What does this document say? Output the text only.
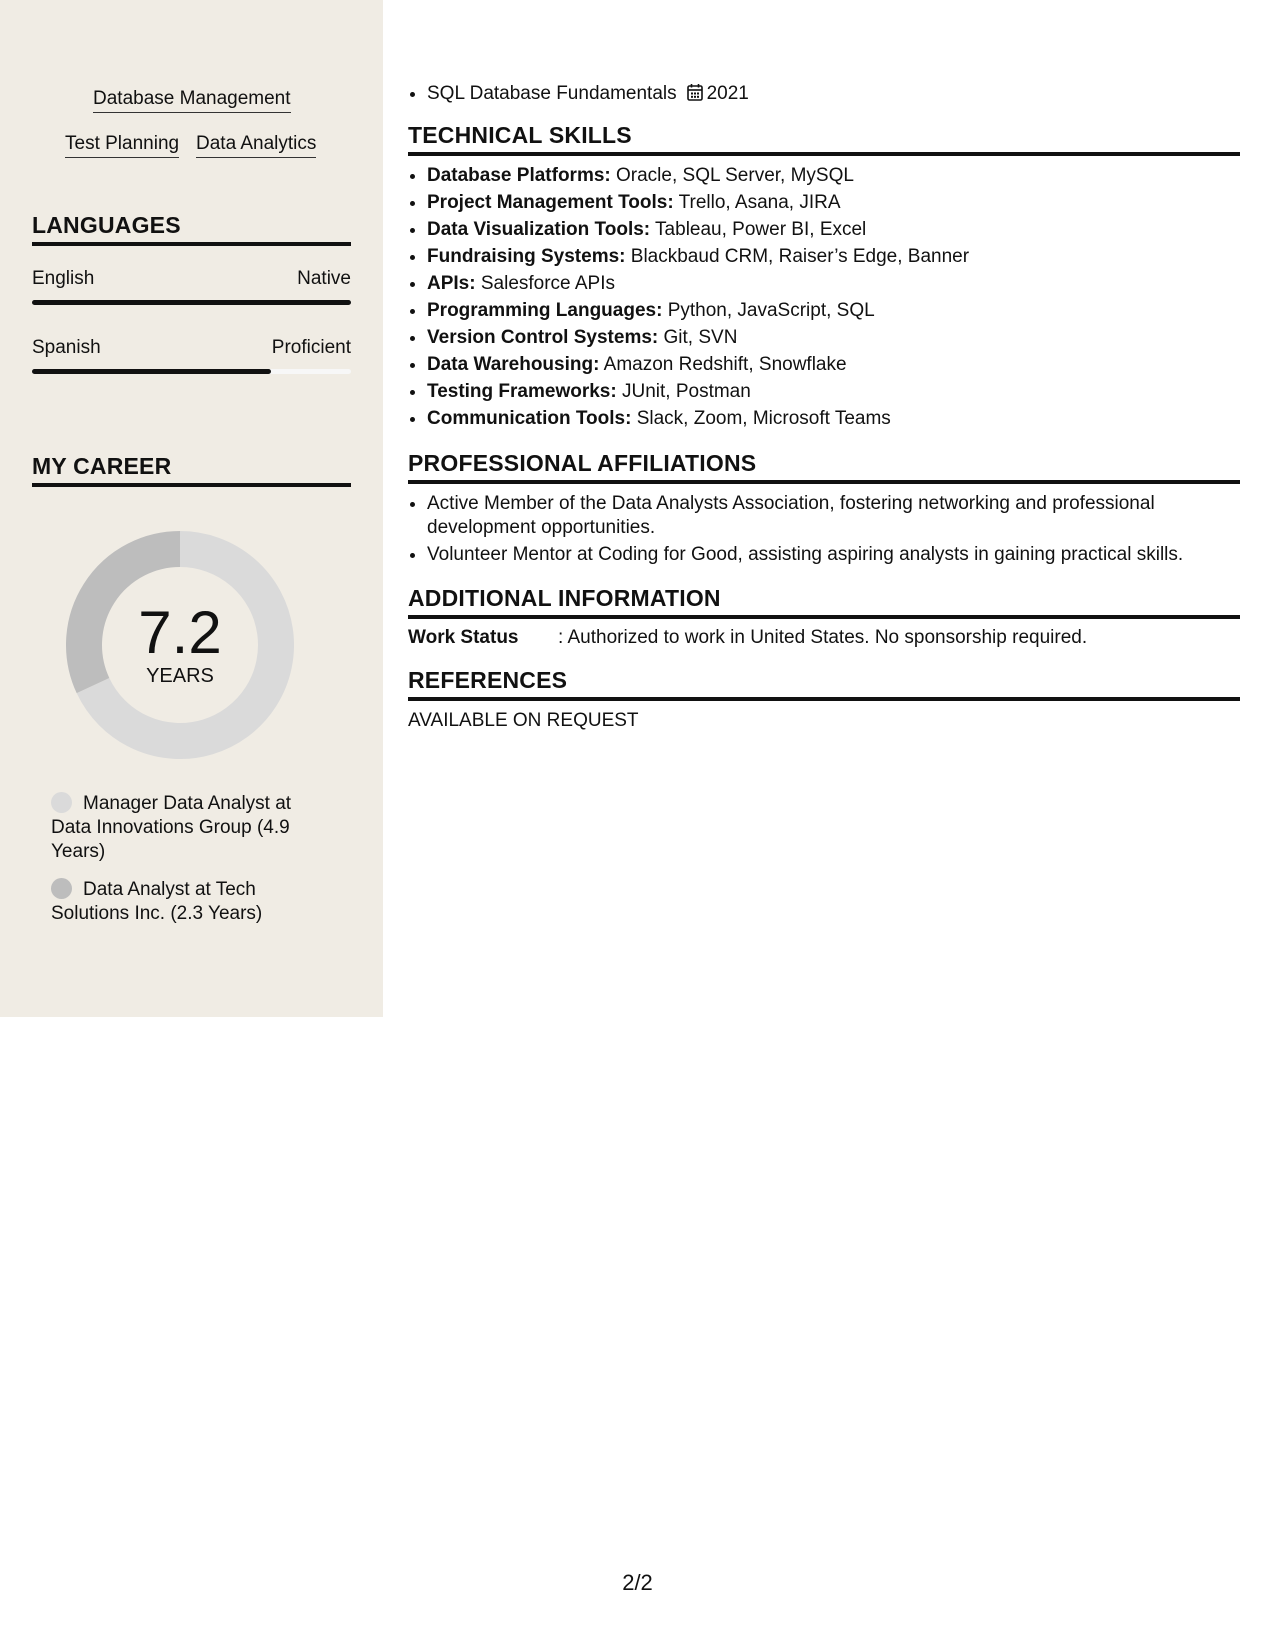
Database Management
Test Planning Data Analytics
LANGUAGES
English	Native
Spanish	Proficient
MY CAREER
7.2
YEARS
Manager Data Analyst at Data Innovations Group (4.9 Years)
Data Analyst at Tech Solutions Inc. (2.3 Years)
• SQL Database Fundamentals 2021
TECHNICAL SKILLS
• Database Platforms: Oracle, SQL Server, MySQL
• Project Management Tools: Trello, Asana, JIRA
• Data Visualization Tools: Tableau, Power BI, Excel
• Fundraising Systems: Blackbaud CRM, Raiser’s Edge, Banner
• APIs: Salesforce APIs
• Programming Languages: Python, JavaScript, SQL
• Version Control Systems: Git, SVN
• Data Warehousing: Amazon Redshift, Snowflake
• Testing Frameworks: JUnit, Postman
• Communication Tools: Slack, Zoom, Microsoft Teams
PROFESSIONAL AFFILIATIONS
• Active Member of the Data Analysts Association, fostering networking and professional development opportunities.
• Volunteer Mentor at Coding for Good, assisting aspiring analysts in gaining practical skills.
ADDITIONAL INFORMATION
Work Status : Authorized to work in United States. No sponsorship required.
REFERENCES
AVAILABLE ON REQUEST
2/2
